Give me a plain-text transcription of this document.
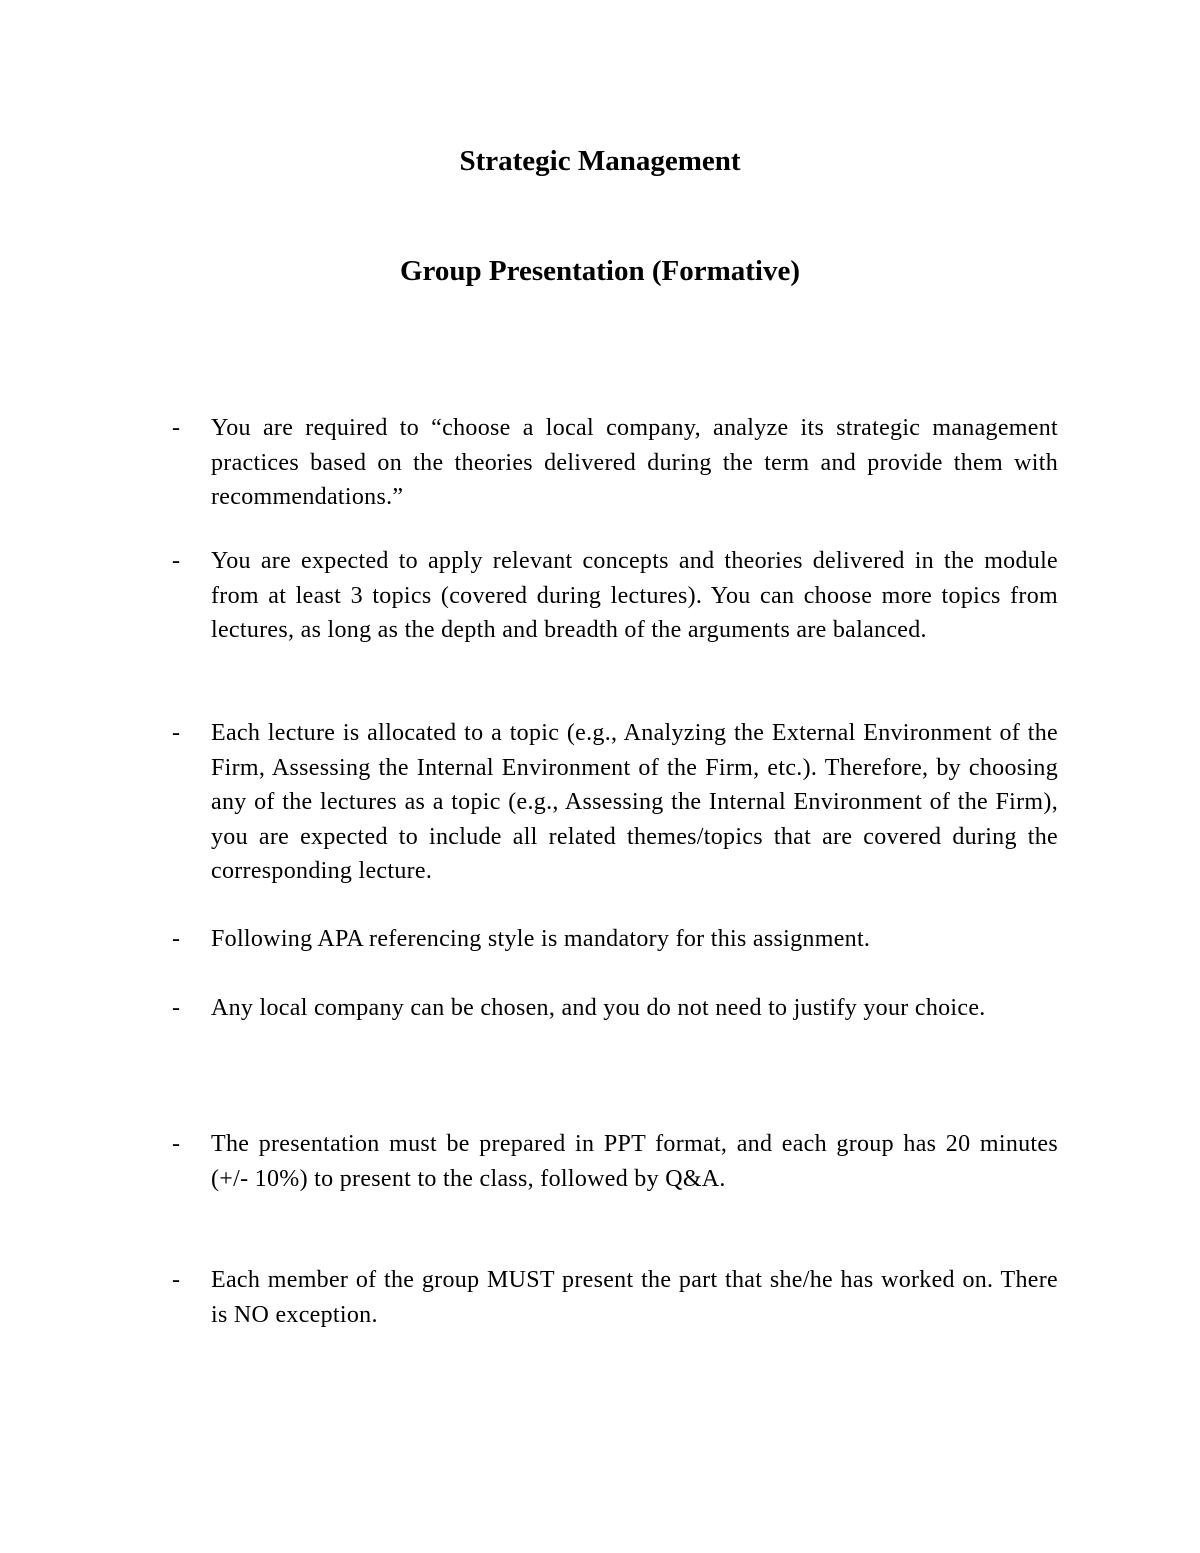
Strategic Management
Group Presentation (Formative)
- You are required to “choose a local company, analyze its strategic management practices based on the theories delivered during the term and provide them with recommendations.”
- You are expected to apply relevant concepts and theories delivered in the module from at least 3 topics (covered during lectures). You can choose more topics from lectures, as long as the depth and breadth of the arguments are balanced.
- Each lecture is allocated to a topic (e.g., Analyzing the External Environment of the Firm, Assessing the Internal Environment of the Firm, etc.). Therefore, by choosing any of the lectures as a topic (e.g., Assessing the Internal Environment of the Firm), you are expected to include all related themes/topics that are covered during the corresponding lecture.
- Following APA referencing style is mandatory for this assignment.
- Any local company can be chosen, and you do not need to justify your choice.
- The presentation must be prepared in PPT format, and each group has 20 minutes (+/- 10%) to present to the class, followed by Q&A.
- Each member of the group MUST present the part that she/he has worked on. There is NO exception.
